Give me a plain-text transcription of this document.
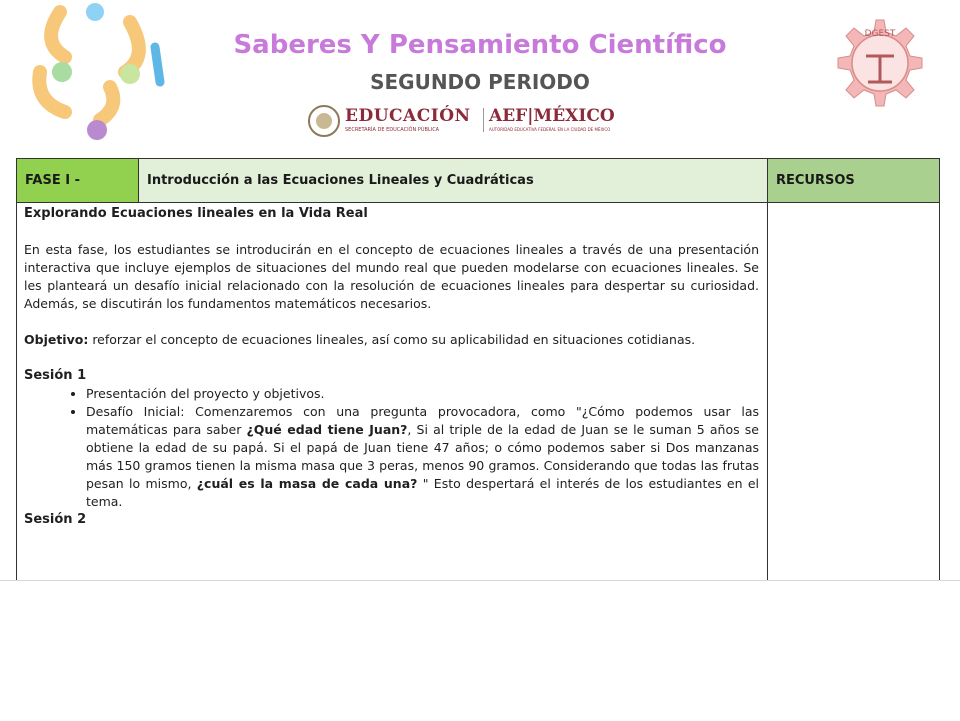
Saberes Y Pensamiento Científico
SEGUNDO PERIODO
EDUCACIÓN
SECRETARÍA DE EDUCACIÓN PÚBLICA
AEF|MÉXICO
AUTORIDAD EDUCATIVA FEDERAL EN LA CIUDAD DE MÉXICO
DGEST
FASE I -	Introducción a las Ecuaciones Lineales y Cuadráticas	RECURSOS

Explorando Ecuaciones lineales en la Vida Real

En esta fase, los estudiantes se introducirán en el concepto de ecuaciones lineales a través de una presentación interactiva que incluye ejemplos de situaciones del mundo real que pueden modelarse con ecuaciones lineales. Se les planteará un desafío inicial relacionado con la resolución de ecuaciones lineales para despertar su curiosidad. Además, se discutirán los fundamentos matemáticos necesarios.

Objetivo: reforzar el concepto de ecuaciones lineales, así como su aplicabilidad en situaciones cotidianas.

Sesión 1

• Presentación del proyecto y objetivos.
• Desafío Inicial: Comenzaremos con una pregunta provocadora, como "¿Cómo podemos usar las matemáticas para saber ¿Qué edad tiene Juan?, Si al triple de la edad de Juan se le suman 5 años se obtiene la edad de su papá. Si el papá de Juan tiene 47 años; o cómo podemos saber si Dos manzanas más 150 gramos tienen la misma masa que 3 peras, menos 90 gramos. Considerando que todas las frutas pesan lo mismo, ¿cuál es la masa de cada una? " Esto despertará el interés de los estudiantes en el tema.

Sesión 2
